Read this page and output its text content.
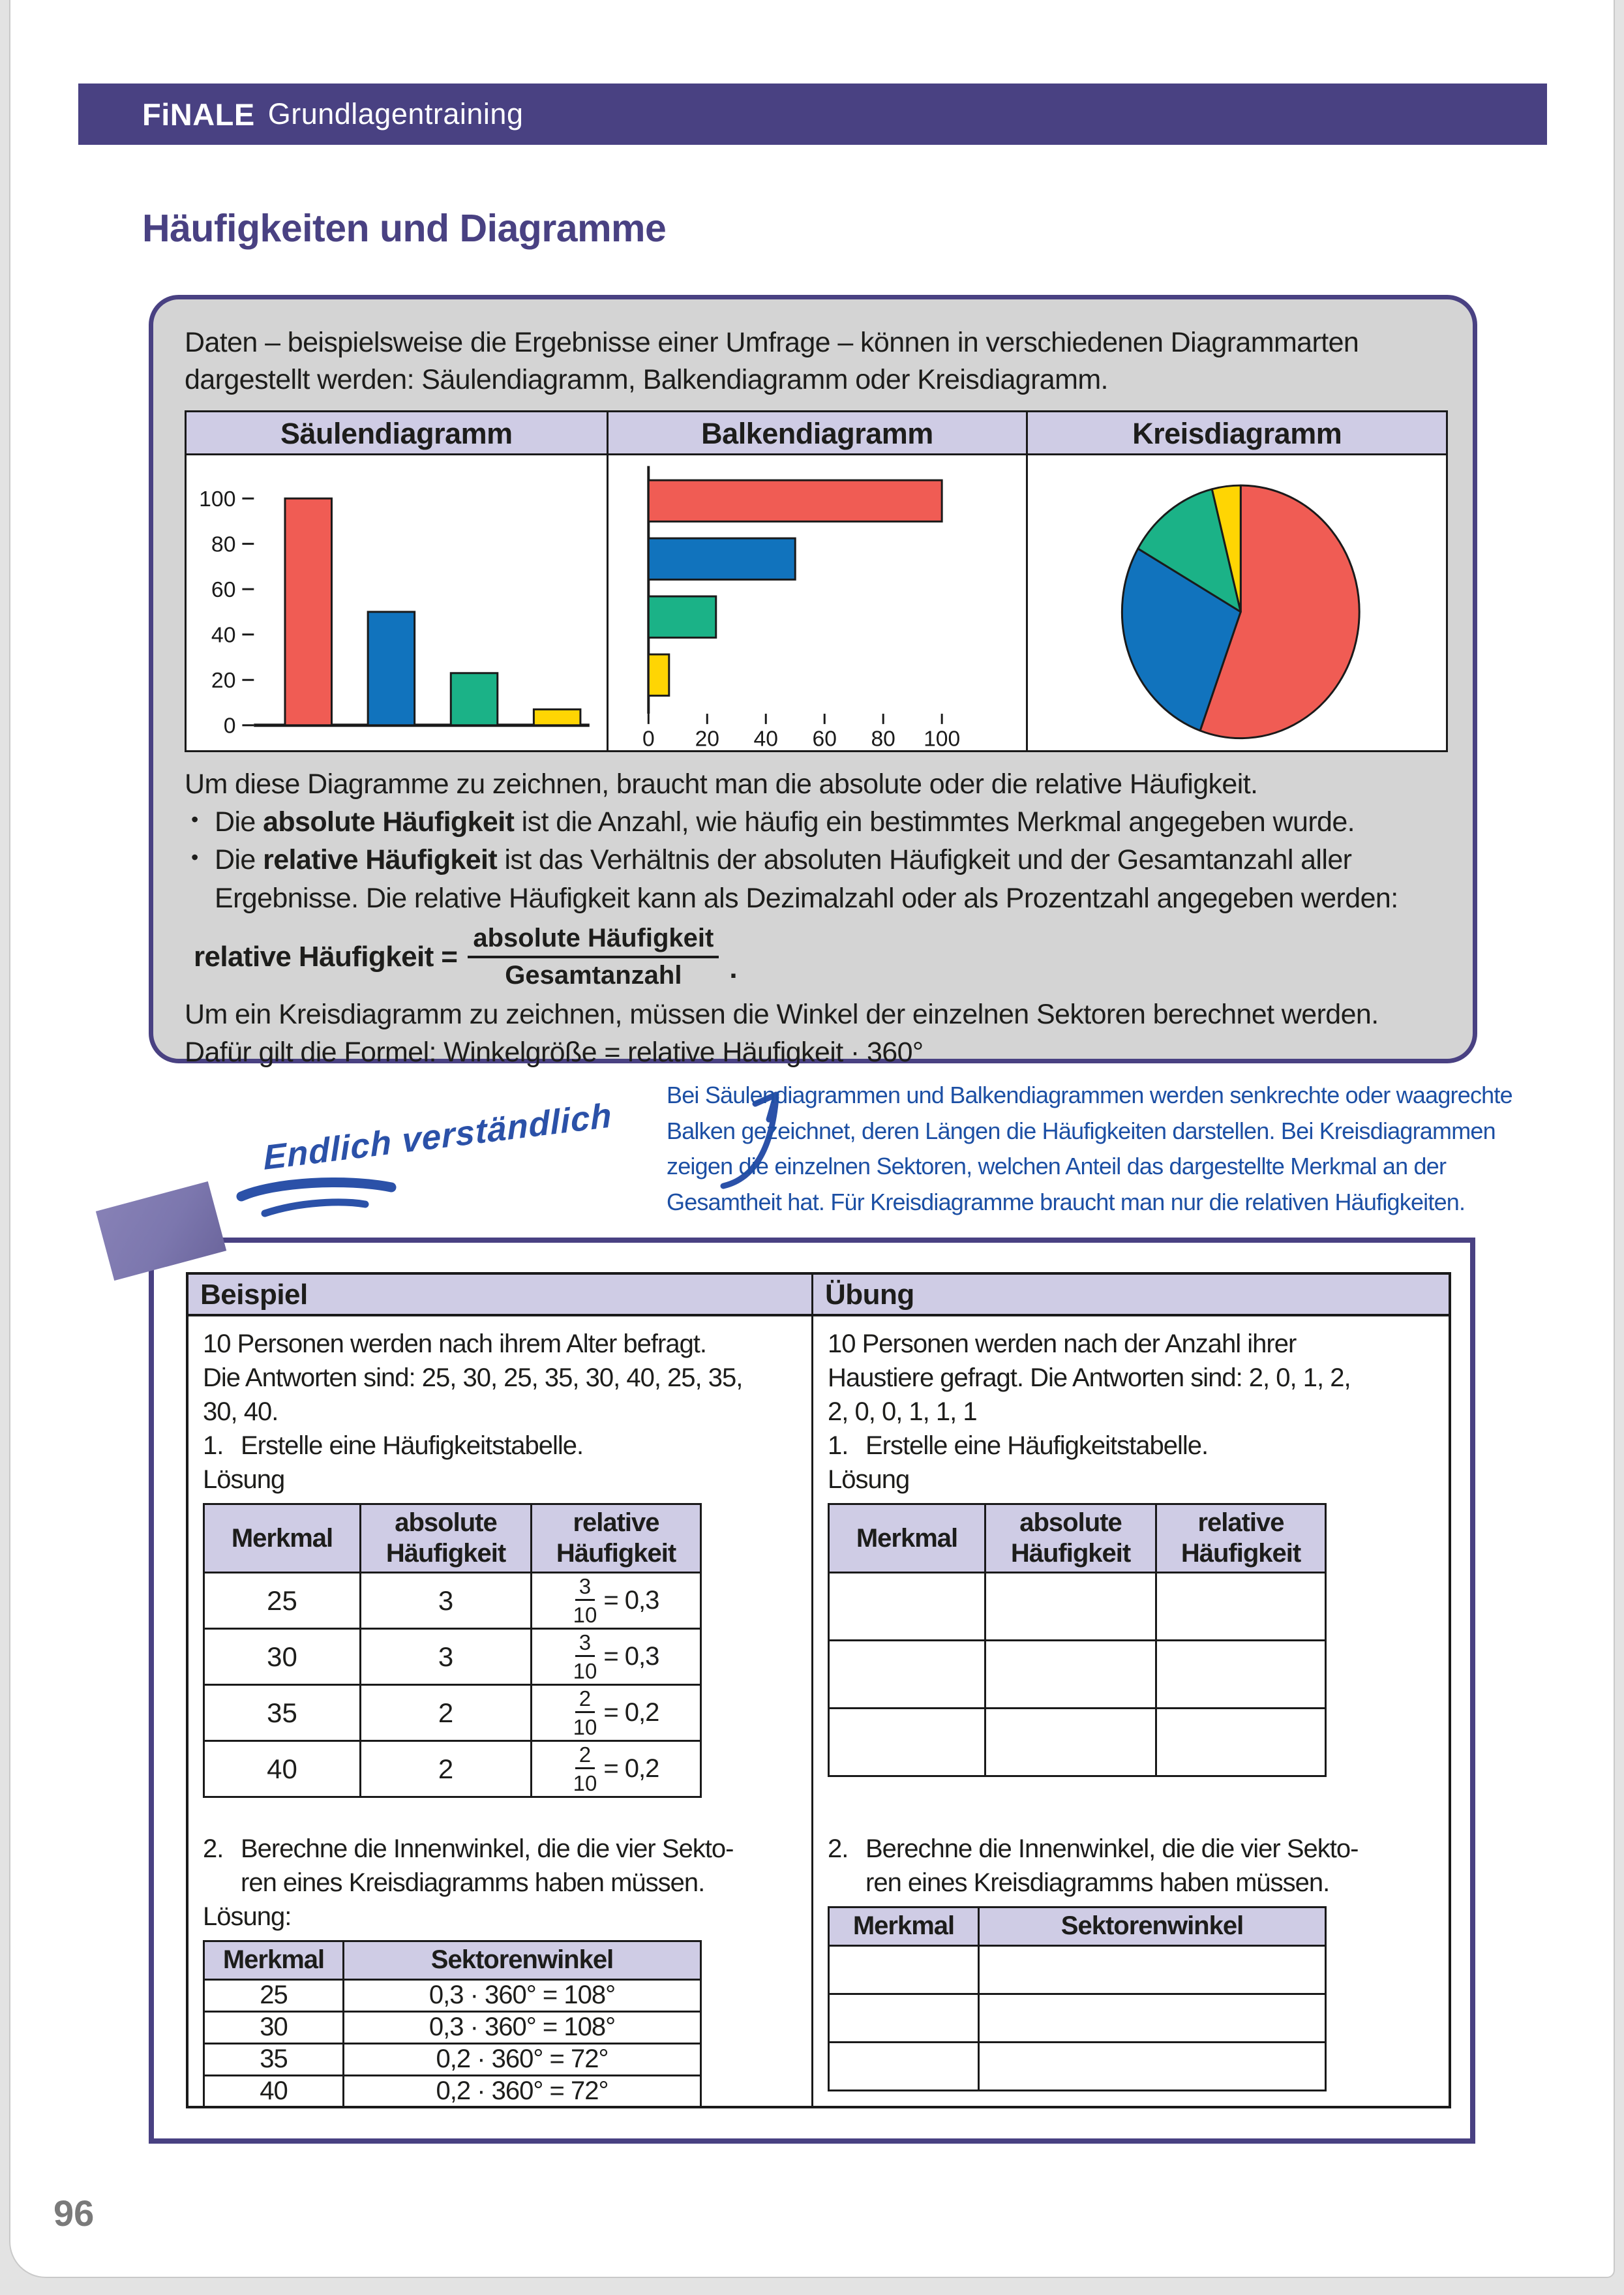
FiNALE Grundlagentraining
Häufigkeiten und Diagramme

Daten – beispielsweise die Ergebnisse einer Umfrage – können in verschiedenen Diagrammarten
dargestellt werden: Säulendiagramm, Balkendiagramm oder Kreisdiagramm.

Säulendiagramm
0
20
40
60
80
100
Balkendiagramm
0 20 40 60 80 100
Kreisdiagramm

Um diese Diagramme zu zeichnen, braucht man die absolute oder die relative Häufigkeit.

• Die absolute Häufigkeit ist die Anzahl, wie häufig ein bestimmtes Merkmal angegeben wurde.
• Die relative Häufigkeit ist das Verhältnis der absoluten Häufigkeit und der Gesamtanzahl aller Ergebnisse. Die relative Häufigkeit kann als Dezimalzahl oder als Prozentzahl angegeben werden:
relative Häufigkeit = $\frac{\text{absolute Häufigkeit}}{\text{Gesamtanzahl}}$ .

Um ein Kreisdiagramm zu zeichnen, müssen die Winkel der einzelnen Sektoren berechnet werden.

Dafür gilt die Formel: Winkelgröße = relative Häufigkeit · 360°

Endlich verständlich

Bei Säulendiagrammen und Balkendiagrammen werden senkrechte oder waagrechte
Balken gezeichnet, deren Längen die Häufigkeiten darstellen. Bei Kreisdiagrammen
zeigen die einzelnen Sektoren, welchen Anteil das dargestellte Merkmal an der
Gesamtheit hat. Für Kreisdiagramme braucht man nur die relativen Häufigkeiten.

Beispiel	Übung

10 Personen werden nach ihrem Alter befragt.
Die Antworten sind: 25, 30, 25, 35, 30, 40, 25, 35,
30, 40.

1. Erstelle eine Häufigkeitstabelle.

Lösung

Merkmal	absolute Häufigkeit	relative Häufigkeit
25	3	$\frac{3}{10} = 0,3$

30	3	$\frac{3}{10} = 0,3$

35	2	$\frac{2}{10} = 0,2$

40	2	$\frac{2}{10} = 0,2$

2. Berechne die Innenwinkel, die die vier Sekto-
ren eines Kreisdiagramms haben müssen.

Lösung:

Merkmal	Sektorenwinkel
25	0,3 · 360° = 108°
30	0,3 · 360° = 108°
35	0,2 · 360° = 72°
40	0,2 · 360° = 72°

10 Personen werden nach der Anzahl ihrer
Haustiere gefragt. Die Antworten sind: 2, 0, 1, 2,
2, 0, 0, 1, 1, 1

1. Erstelle eine Häufigkeitstabelle.

Lösung

Merkmal	absolute Häufigkeit	relative Häufigkeit

2. Berechne die Innenwinkel, die die vier Sekto-
ren eines Kreisdiagramms haben müssen.

Merkmal	Sektorenwinkel

96
